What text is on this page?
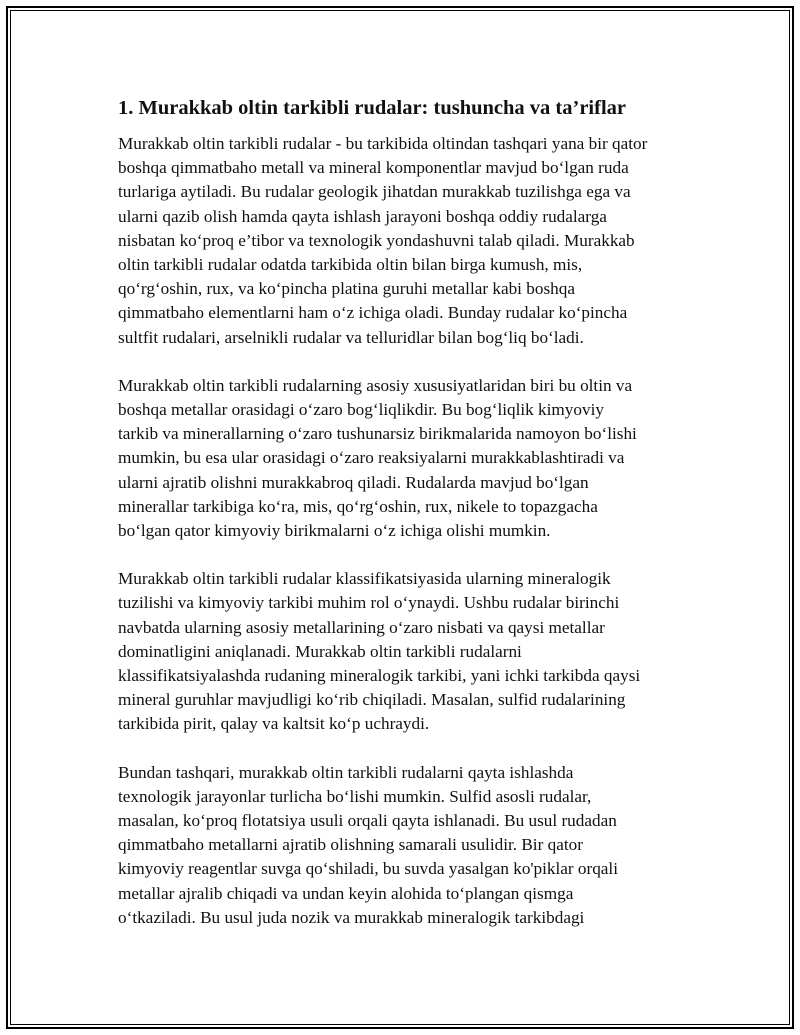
1. Murakkab oltin tarkibli rudalar: tushuncha va ta’riflar

Murakkab oltin tarkibli rudalar - bu tarkibida oltindan tashqari yana bir qator
boshqa qimmatbaho metall va mineral komponentlar mavjud bo‘lgan ruda
turlariga aytiladi. Bu rudalar geologik jihatdan murakkab tuzilishga ega va
ularni qazib olish hamda qayta ishlash jarayoni boshqa oddiy rudalarga
nisbatan ko‘proq e’tibor va texnologik yondashuvni talab qiladi. Murakkab
oltin tarkibli rudalar odatda tarkibida oltin bilan birga kumush, mis,
qo‘rg‘oshin, rux, va ko‘pincha platina guruhi metallar kabi boshqa
qimmatbaho elementlarni ham o‘z ichiga oladi. Bunday rudalar ko‘pincha
sultfit rudalari, arselnikli rudalar va telluridlar bilan bog‘liq bo‘ladi.

Murakkab oltin tarkibli rudalarning asosiy xususiyatlaridan biri bu oltin va
boshqa metallar orasidagi o‘zaro bog‘liqlikdir. Bu bog‘liqlik kimyoviy
tarkib va minerallarning o‘zaro tushunarsiz birikmalarida namoyon bo‘lishi
mumkin, bu esa ular orasidagi o‘zaro reaksiyalarni murakkablashtiradi va
ularni ajratib olishni murakkabroq qiladi. Rudalarda mavjud bo‘lgan
minerallar tarkibiga ko‘ra, mis, qo‘rg‘oshin, rux, nikele to topazgacha
bo‘lgan qator kimyoviy birikmalarni o‘z ichiga olishi mumkin.

Murakkab oltin tarkibli rudalar klassifikatsiyasida ularning mineralogik
tuzilishi va kimyoviy tarkibi muhim rol o‘ynaydi. Ushbu rudalar birinchi
navbatda ularning asosiy metallarining o‘zaro nisbati va qaysi metallar
dominatligini aniqlanadi. Murakkab oltin tarkibli rudalarni
klassifikatsiyalashda rudaning mineralogik tarkibi, yani ichki tarkibda qaysi
mineral guruhlar mavjudligi ko‘rib chiqiladi. Masalan, sulfid rudalarining
tarkibida pirit, qalay va kaltsit ko‘p uchraydi.

Bundan tashqari, murakkab oltin tarkibli rudalarni qayta ishlashda
texnologik jarayonlar turlicha bo‘lishi mumkin. Sulfid asosli rudalar,
masalan, ko‘proq flotatsiya usuli orqali qayta ishlanadi. Bu usul rudadan
qimmatbaho metallarni ajratib olishning samarali usulidir. Bir qator
kimyoviy reagentlar suvga qo‘shiladi, bu suvda yasalgan ko'piklar orqali
metallar ajralib chiqadi va undan keyin alohida to‘plangan qismga
o‘tkaziladi. Bu usul juda nozik va murakkab mineralogik tarkibdagi
